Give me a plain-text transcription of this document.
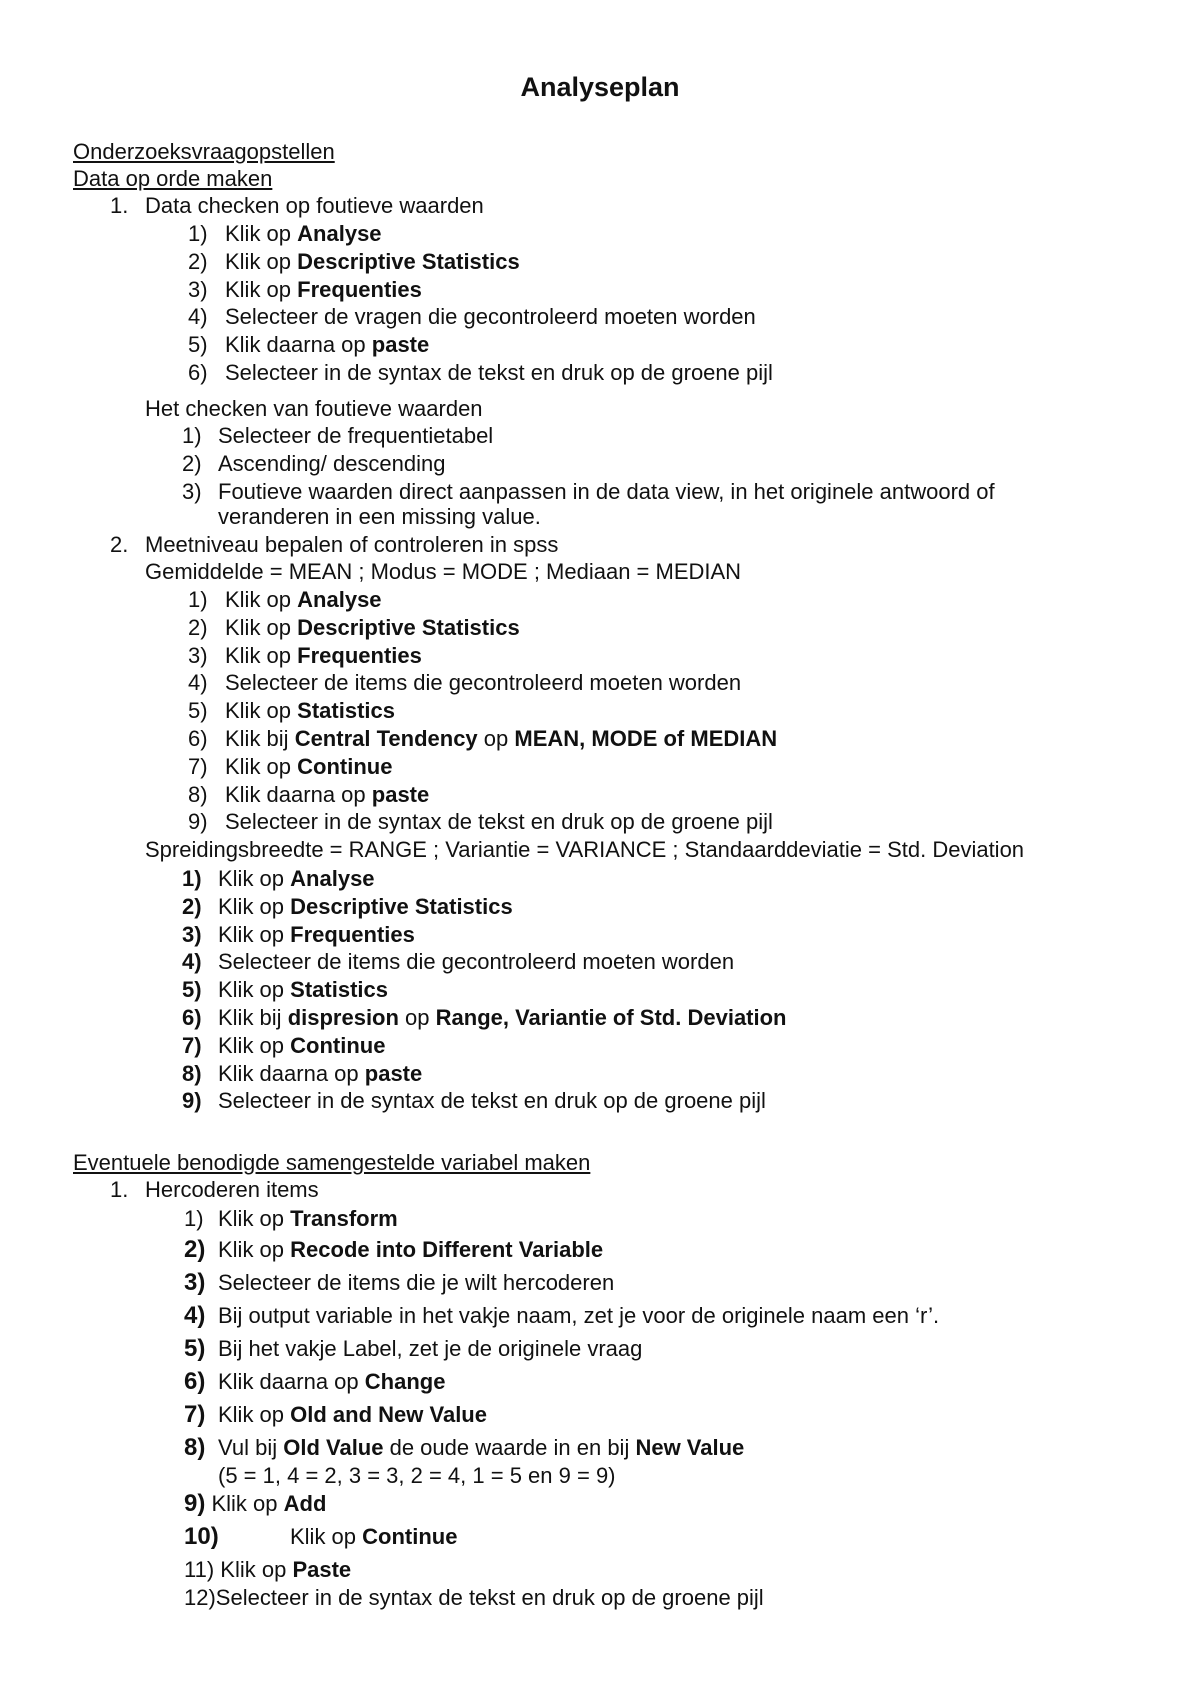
Analyseplan
Onderzoeksvraagopstellen
Data op orde maken
1. Data checken op foutieve waarden
1) Klik op Analyse
2) Klik op Descriptive Statistics
3) Klik op Frequenties
4) Selecteer de vragen die gecontroleerd moeten worden
5) Klik daarna op paste
6) Selecteer in de syntax de tekst en druk op de groene pijl
Het checken van foutieve waarden
1) Selecteer de frequentietabel
2) Ascending/ descending
3) Foutieve waarden direct aanpassen in de data view, in het originele antwoord of
veranderen in een missing value.
2. Meetniveau bepalen of controleren in spss
Gemiddelde = MEAN ; Modus = MODE ; Mediaan = MEDIAN
1) Klik op Analyse
2) Klik op Descriptive Statistics
3) Klik op Frequenties
4) Selecteer de items die gecontroleerd moeten worden
5) Klik op Statistics
6) Klik bij Central Tendency op MEAN, MODE of MEDIAN
7) Klik op Continue
8) Klik daarna op paste
9) Selecteer in de syntax de tekst en druk op de groene pijl
Spreidingsbreedte = RANGE ; Variantie = VARIANCE ; Standaarddeviatie = Std. Deviation
1) Klik op Analyse
2) Klik op Descriptive Statistics
3) Klik op Frequenties
4) Selecteer de items die gecontroleerd moeten worden
5) Klik op Statistics
6) Klik bij dispresion op Range, Variantie of Std. Deviation
7) Klik op Continue
8) Klik daarna op paste
9) Selecteer in de syntax de tekst en druk op de groene pijl
Eventuele benodigde samengestelde variabel maken
1. Hercoderen items
1) Klik op Transform
2) Klik op Recode into Different Variable
3) Selecteer de items die je wilt hercoderen
4) Bij output variable in het vakje naam, zet je voor de originele naam een ‘r’.
5) Bij het vakje Label, zet je de originele vraag
6) Klik daarna op Change
7) Klik op Old and New Value
8) Vul bij Old Value de oude waarde in en bij New Value
(5 = 1, 4 = 2, 3 = 3, 2 = 4, 1 = 5 en 9 = 9)
9) Klik op Add
10)	Klik op Continue
11) Klik op Paste
12)Selecteer in de syntax de tekst en druk op de groene pijl
